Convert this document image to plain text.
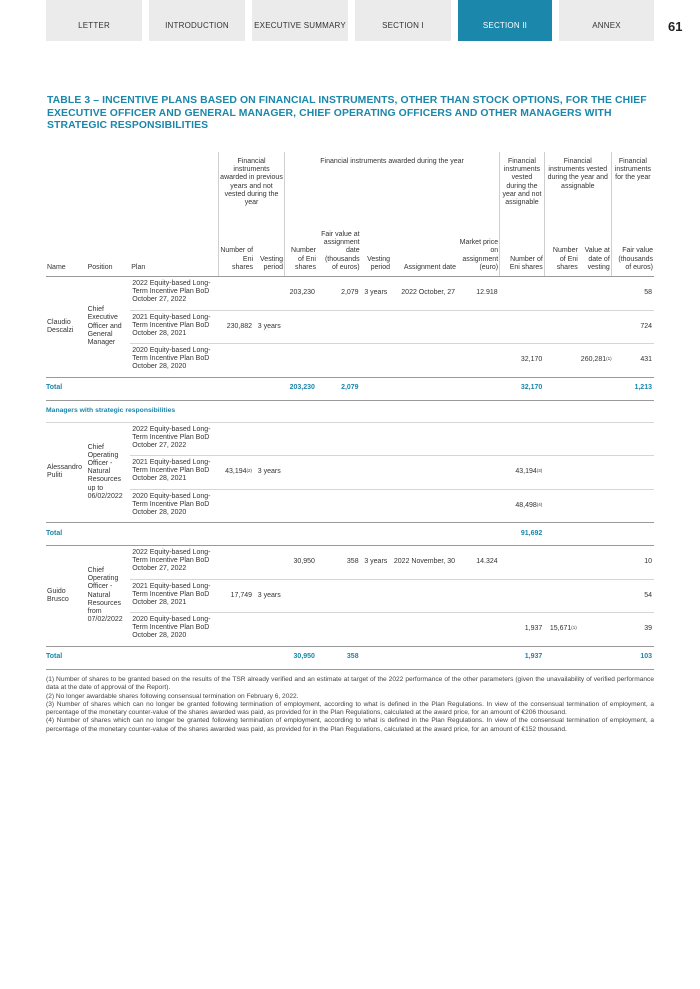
LETTER	INTRODUCTION	EXECUTIVE SUMMARY	SECTION I	SECTION II	ANNEX	61
TABLE 3 – INCENTIVE PLANS BASED ON FINANCIAL INSTRUMENTS, OTHER THAN STOCK OPTIONS, FOR THE CHIEF EXECUTIVE OFFICER AND GENERAL MANAGER, CHIEF OPERATING OFFICERS AND OTHER MANAGERS WITH STRATEGIC RESPONSIBILITIES
			Financial instruments awarded in previous years and not vested during the year		Financial instruments awarded during the year					Financial instruments vested during the year and not assignable	Financial instruments vested during the year and assignable		Financial instruments for the year
Name	Position	Plan	Number of Eni shares	Vesting period	Number of Eni shares	Fair value at assignment date (thousands of euros)	Vesting period	Assignment date	Market price on assignment (euro)	Number of Eni shares	Number of Eni shares	Value at date of vesting	Fair value (thousands of euros)

Claudio Descalzi	Chief Executive Officer and General Manager	2022 Equity-based Long-Term Incentive Plan BoD October 27, 2022			203,230	2,079	3 years	2022 October, 27	12.918				58
		2021 Equity-based Long-Term Incentive Plan BoD October 28, 2021	230,882	3 years									724
		2020 Equity-based Long-Term Incentive Plan BoD October 28, 2020								32,170		260,281$^{(1)}$	431
Total					203,230	2,079				32,170			1,213
Managers with strategic responsibilities													
Alessandro Puliti	Chief Operating Officer - Natural Resources up to 06/02/2022	2022 Equity-based Long-Term Incentive Plan BoD October 27, 2022											
		2021 Equity-based Long-Term Incentive Plan BoD October 28, 2021	43,194$^{(2)}$	3 years						43,194$^{(3)}$			
		2020 Equity-based Long-Term Incentive Plan BoD October 28, 2020								48,498$^{(4)}$			
Total										91,692			
Guido Brusco	Chief Operating Officer - Natural Resources from 07/02/2022	2022 Equity-based Long-Term Incentive Plan BoD October 27, 2022			30,950	358	3 years	2022 November, 30	14.324				10
		2021 Equity-based Long-Term Incentive Plan BoD October 28, 2021	17,749	3 years									54
		2020 Equity-based Long-Term Incentive Plan BoD October 28, 2020								1,937	15,671$^{(1)}$		39
Total					30,950	358				1,937			103

(1) Number of shares to be granted based on the results of the TSR already verified and an estimate at target of the 2022 performance of the other parameters (given the unavailability of verified performance data at the date of approval of the Report).

(2) No longer awardable shares following consensual termination on February 6, 2022.

(3) Number of shares which can no longer be granted following termination of employment, according to what is defined in the Plan Regulations. In view of the consensual termination of employment, a percentage of the monetary counter-value of the shares awarded was paid, as provided for in the Plan Regulations, calculated at the award price, for an amount of €206 thousand.

(4) Number of shares which can no longer be granted following termination of employment, according to what is defined in the Plan Regulations. In view of the consensual termination of employment, a percentage of the monetary counter-value of the shares awarded was paid, as provided for in the Plan Regulations, calculated at the award price, for an amount of €152 thousand.
